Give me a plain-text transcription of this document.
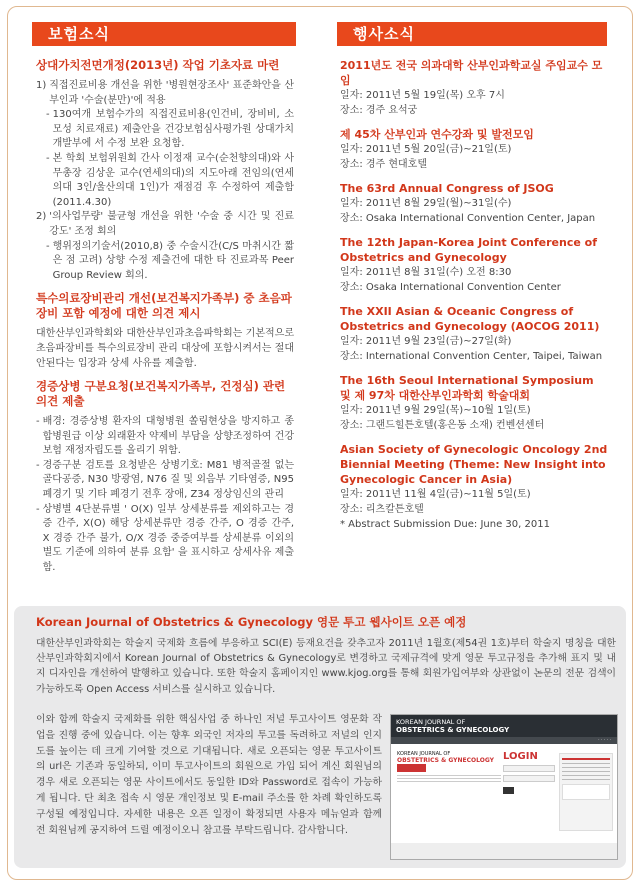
보험소식	행사소식
상대가치전면개정(2013년) 작업 기초자료 마련
1) 직접진료비용 개선을 위한 '병원현장조사' 표준화안을 산부인과 '수술(분만)'에 적용
- 130여개 보험수가의 직접진료비용(인건비, 장비비, 소모성 치료재료) 제출안을 건강보험심사평가원 상대가치개발부에 서 수정 보완 요청함.
- 본 학회 보험위원회 간사 이정재 교수(순천향의대)와 사무총장 김상운 교수(연세의대)의 지도아래 전임의(연세의대 3인/울산의대 1인)가 재점검 후 수정하여 제출함(2011.4.30)
2) '의사업무량' 불균형 개선을 위한 '수술 중 시간 및 진료강도' 조정 회의
- 행위정의기술서(2010,8) 중 수술시간(C/S 마취시간 짧은 점 고려) 상향 수정 제출건에 대한 타 진료과목 Peer Group Review 회의.
특수의료장비관리 개선(보건복지가족부) 중 초음파 장비 포함 예정에 대한 의견 제시
대한산부인과학회와 대한산부인과초음파학회는 기본적으로 초음파장비를 특수의료장비 관리 대상에 포함시켜서는 절대 안된다는 입장과 상세 사유를 제출함.
경증상병 구분요청(보건복지가족부, 건정심) 관련 의견 제출
- 배경: 경증상병 환자의 대형병원 쏠림현상을 방지하고 종합병원급 이상 외래환자 약제비 부담을 상향조정하여 건강보험 재정자립도를 올리기 위함.
- 경증구분 검토를 요청받은 상병기호: M81 병적골절 없는 골다공증, N30 방광염, N76 질 및 외음부 기타염증, N95 폐경기 및 기타 폐경기 전후 장애, Z34 정상임신의 관리
- 상병별 4단분류별 ' O(X) 일부 상세분류를 제외하고는 경증 간주, X(O) 해당 상세분류만 경증 간주, O 경증 간주, X 경증 간주 불가, O/X 경증 중증여부를 상세분류 이외의 별도 기준에 의하여 분류 요함' 을 표시하고 상세사유 제출함.
2011년도 전국 의과대학 산부인과학교실 주임교수 모임
일자: 2011년 5월 19일(목) 오후 7시
장소: 경주 요석궁
제 45차 산부인과 연수강좌 및 발전모임
일자: 2011년 5월 20일(금)~21일(토)
장소: 경주 현대호텔
The 63rd Annual Congress of JSOG
일자: 2011년 8월 29일(월)~31일(수)
장소: Osaka International Convention Center, Japan
The 12th Japan-Korea Joint Conference of Obstetrics and Gynecology
일자: 2011년 8월 31일(수) 오전 8:30
장소: Osaka International Convention Center
The XXII Asian & Oceanic Congress of Obstetrics and Gynecology (AOCOG 2011)
일자: 2011년 9월 23일(금)~27일(화)
장소: International Convention Center, Taipei, Taiwan
The 16th Seoul International Symposium 및 제 97차 대한산부인과학회 학술대회
일자: 2011년 9월 29일(목)~10월 1일(토)
장소: 그랜드힐튼호텔(홍은동 소재) 컨벤션센터
Asian Society of Gynecologic Oncology 2nd Biennial Meeting (Theme: New Insight into Gynecologic Cancer in Asia)
일자: 2011년 11월 4일(금)~11월 5일(토)
장소: 리츠칼튼호텔
* Abstract Submission Due: June 30, 2011
Korean Journal of Obstetrics & Gynecology 영문 투고 웹사이트 오픈 예정
대한산부인과학회는 학술지 국제화 흐름에 부응하고 SCI(E) 등재요건을 갖추고자 2011년 1월호(제54권 1호)부터 학술지 명칭을 대한산부인과학회지에서 Korean Journal of Obstetrics & Gynecology로 변경하고 국제규격에 맞게 영문 투고규정을 추가해 표지 및 내지 디자인을 개선하여 발행하고 있습니다. 또한 학술지 홈페이지인 www.kjog.org를 통해 회원가입여부와 상관없이 논문의 전문 검색이 가능하도록 Open Access 서비스를 실시하고 있습니다.
이와 함께 학술지 국제화를 위한 핵심사업 중 하나인 저널 투고사이트 영문화 작업을 진행 중에 있습니다. 이는 향후 외국인 저자의 투고를 독려하고 저널의 인지도를 높이는 데 크게 기여할 것으로 기대됩니다. 새로 오픈되는 영문 투고사이트의 url은 기존과 동일하되, 이미 투고사이트의 회원으로 가입 되어 계신 회원님의 경우 새로 오픈되는 영문 사이트에서도 동일한 ID와 Password로 접속이 가능하게 됩니다. 단 최초 접속 시 영문 개인정보 및 E-mail 주소를 한 차례 확인하도록 구성될 예정입니다. 자세한 내용은 오픈 일정이 확정되면 사용자 메뉴얼과 함께 전 회원님께 공지하여 드릴 예정이오니 참고를 부탁드립니다. 감사합니다.
KOREAN JOURNAL OF
OBSTETRICS & GYNECOLOGY
· · · · ·
KOREAN JOURNAL OF
OBSTETRICS & GYNECOLOGY
LOGIN
